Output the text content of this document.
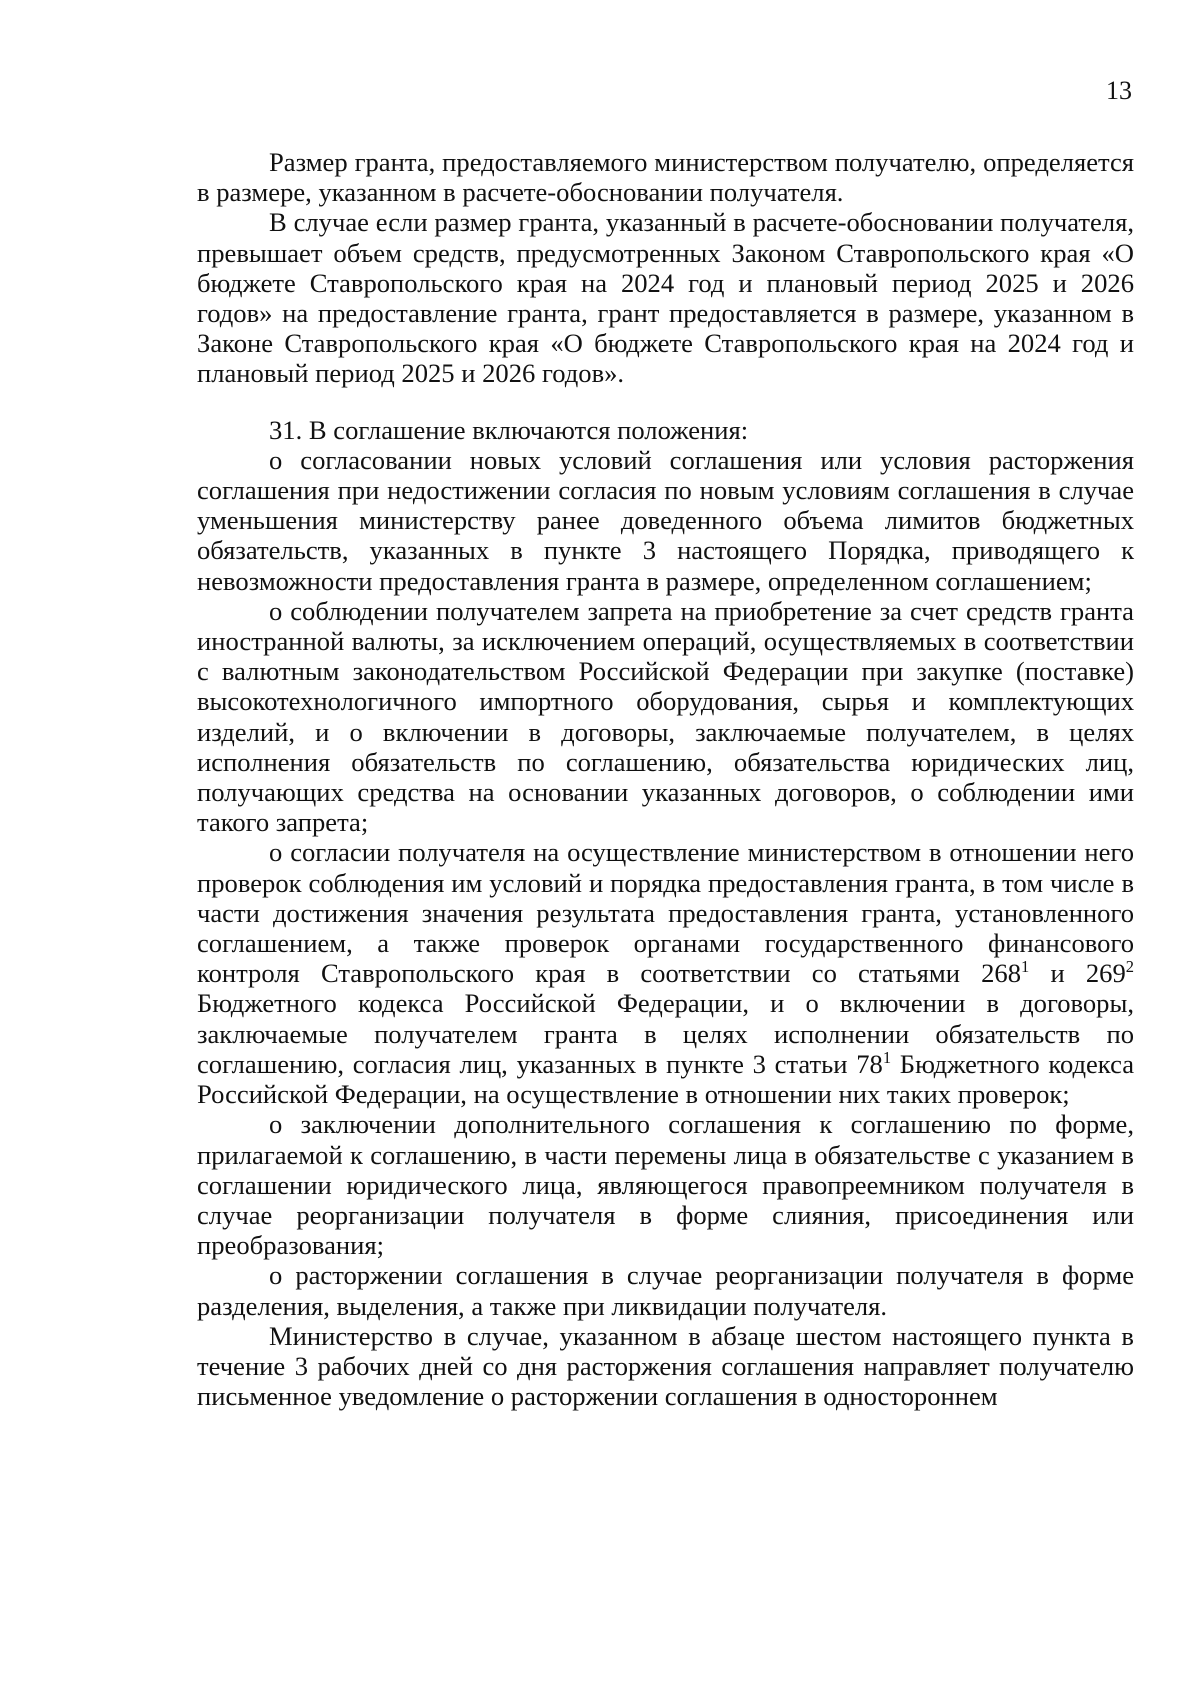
13

Размер гранта, предоставляемого министерством получателю, определяется в размере, указанном в расчете-обосновании получателя.

В случае если размер гранта, указанный в расчете-обосновании получателя, превышает объем средств, предусмотренных Законом Ставропольского края «О бюджете Ставропольского края на 2024 год и плановый период 2025 и 2026 годов» на предоставление гранта, грант предоставляется в размере, указанном в Законе Ставропольского края «О бюджете Ставропольского края на 2024 год и плановый период 2025 и 2026 годов».

31. В соглашение включаются положения:

о согласовании новых условий соглашения или условия расторжения соглашения при недостижении согласия по новым условиям соглашения в случае уменьшения министерству ранее доведенного объема лимитов бюджетных обязательств, указанных в пункте 3 настоящего Порядка, приводящего к невозможности предоставления гранта в размере, определенном соглашением;

о соблюдении получателем запрета на приобретение за счет средств гранта иностранной валюты, за исключением операций, осуществляемых в соответствии с валютным законодательством Российской Федерации при закупке (поставке) высокотехнологичного импортного оборудования, сырья и комплектующих изделий, и о включении в договоры, заключаемые получателем, в целях исполнения обязательств по соглашению, обязательства юридических лиц, получающих средства на основании указанных договоров, о соблюдении ими такого запрета;

о согласии получателя на осуществление министерством в отношении него проверок соблюдения им условий и порядка предоставления гранта, в том числе в части достижения значения результата предоставления гранта, установленного соглашением, а также проверок органами государственного финансового контроля Ставропольского края в соответствии со статьями $268^1$ и $269^2$ Бюджетного кодекса Российской Федерации, и о включении в договоры, заключаемые получателем гранта в целях исполнении обязательств по соглашению, согласия лиц, указанных в пункте 3 статьи $78^1$ Бюджетного кодекса Российской Федерации, на осуществление в отношении них таких проверок;

о заключении дополнительного соглашения к соглашению по форме, прилагаемой к соглашению, в части перемены лица в обязательстве с указанием в соглашении юридического лица, являющегося правопреемником получателя в случае реорганизации получателя в форме слияния, присоединения или преобразования;

о расторжении соглашения в случае реорганизации получателя в форме разделения, выделения, а также при ликвидации получателя.

Министерство в случае, указанном в абзаце шестом настоящего пункта в течение 3 рабочих дней со дня расторжения соглашения направляет получателю письменное уведомление о расторжении соглашения в одностороннем
